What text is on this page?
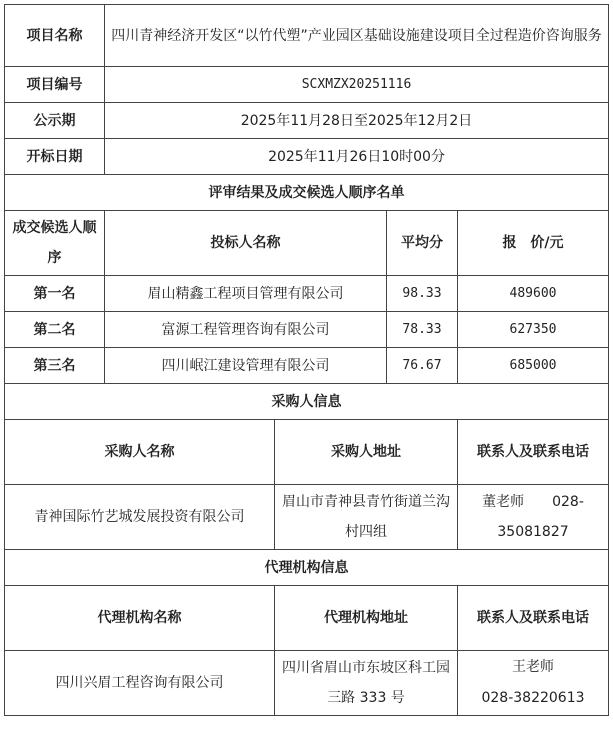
项目名称	四川青神经济开发区“以竹代塑”产业园区基础设施建设项目全过程造价咨询服务			
项目编号	SCXMZX20251116			
公示期	2025年11月28日至2025年12月2日			
开标日期	2025年11月26日10时00分			
评审结果及成交候选人顺序名单				
成交候选人顺序	投标人名称		平均分	报　价/元
第一名	眉山精鑫工程项目管理有限公司		98.33	489600
第二名	富源工程管理咨询有限公司		78.33	627350
第三名	四川岷江建设管理有限公司		76.67	685000
采购人信息				
采购人名称		采购人地址		联系人及联系电话
青神国际竹艺城发展投资有限公司		眉山市青神县青竹街道兰沟村四组		董老师　　028-35081827
代理机构信息				
代理机构名称		代理机构地址		联系人及联系电话
四川兴眉工程咨询有限公司		四川省眉山市东坡区科工园三路 333 号		王老师
028-38220613
